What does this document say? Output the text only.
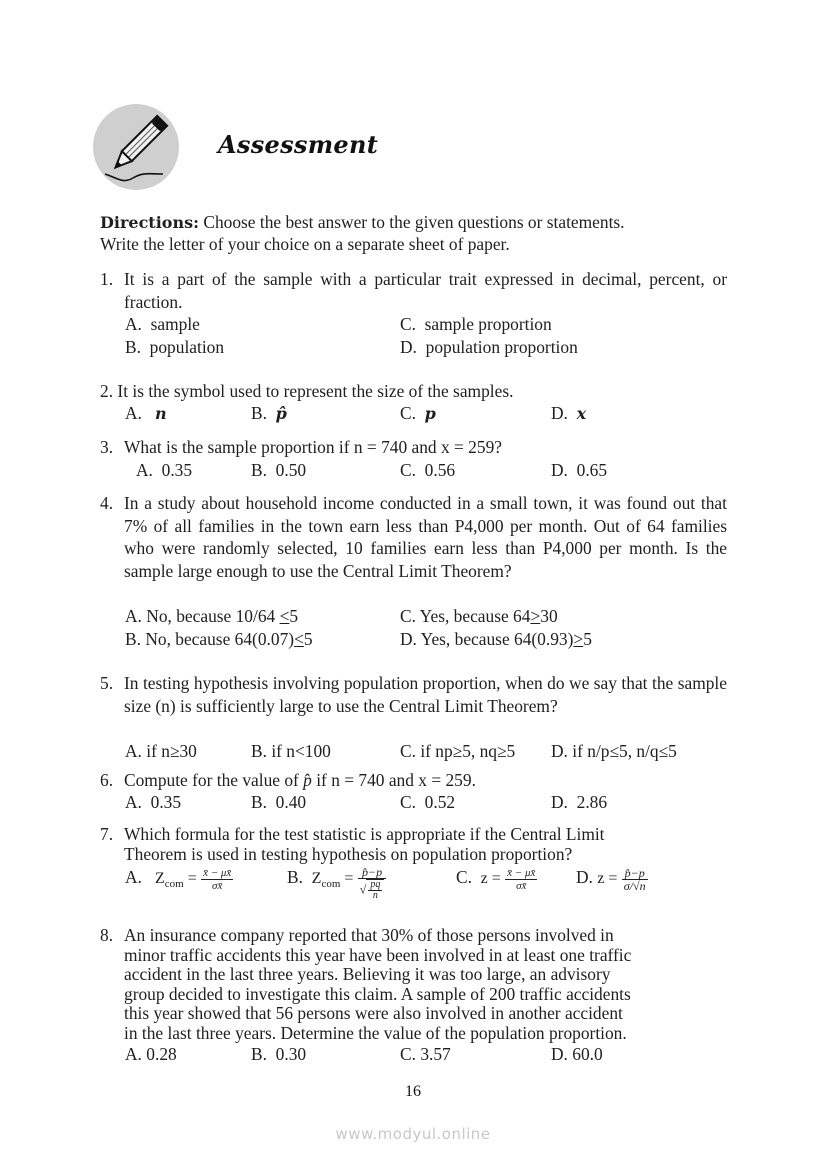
Assessment
Directions: Choose the best answer to the given questions or statements.
Write the letter of your choice on a separate sheet of paper.
1. It is a part of the sample with a particular trait expressed in decimal, percent, or fraction.
A. sample
B. population
C. sample proportion
D. population proportion
2. It is the symbol used to represent the size of the samples.
A. n	B. p̂	C. p	D. x
3. What is the sample proportion if n = 740 and x = 259?
A. 0.35	B. 0.50	C. 0.56	D. 0.65
4. In a study about household income conducted in a small town, it was found out that 7% of all families in the town earn less than P4,000 per month. Out of 64 families who were randomly selected, 10 families earn less than P4,000 per month. Is the sample large enough to use the Central Limit Theorem?
A. No, because 10/64 <5
B. No, because 64(0.07)<5
C. Yes, because 64>30
D. Yes, because 64(0.93)>5
5. In testing hypothesis involving population proportion, when do we say that the sample size (n) is sufficiently large to use the Central Limit Theorem?
A. if n≥30	B. if n<100	C. if np≥5, nq≥5 D. if n/p≤5, n/q≤5
6. Compute for the value of p̂ if n = 740 and x = 259.
A. 0.35	B. 0.40	C. 0.52	D. 2.86
7. Which formula for the test statistic is appropriate if the Central Limit
Theorem is used in testing hypothesis on population proportion?
A. $Z_{com} = \frac{x̄ - \mu x̄}{\sigma x̄}$	B. $Z_{com} = \frac{p̂-p}{√ \frac{pq}{n}}$	C. $z = \frac{x̄ - \mu x̄}{\sigma x̄} D$. $z = \frac{p̂-p}{\sigma/√n}$
8. An insurance company reported that 30% of those persons involved in
minor traffic accidents this year have been involved in at least one traffic
accident in the last three years. Believing it was too large, an advisory
group decided to investigate this claim. A sample of 200 traffic accidents
this year showed that 56 persons were also involved in another accident
in the last three years. Determine the value of the population proportion.
A. 0.28	B. 0.30	C. 3.57	D. 60.0
16
www.modyul.online
